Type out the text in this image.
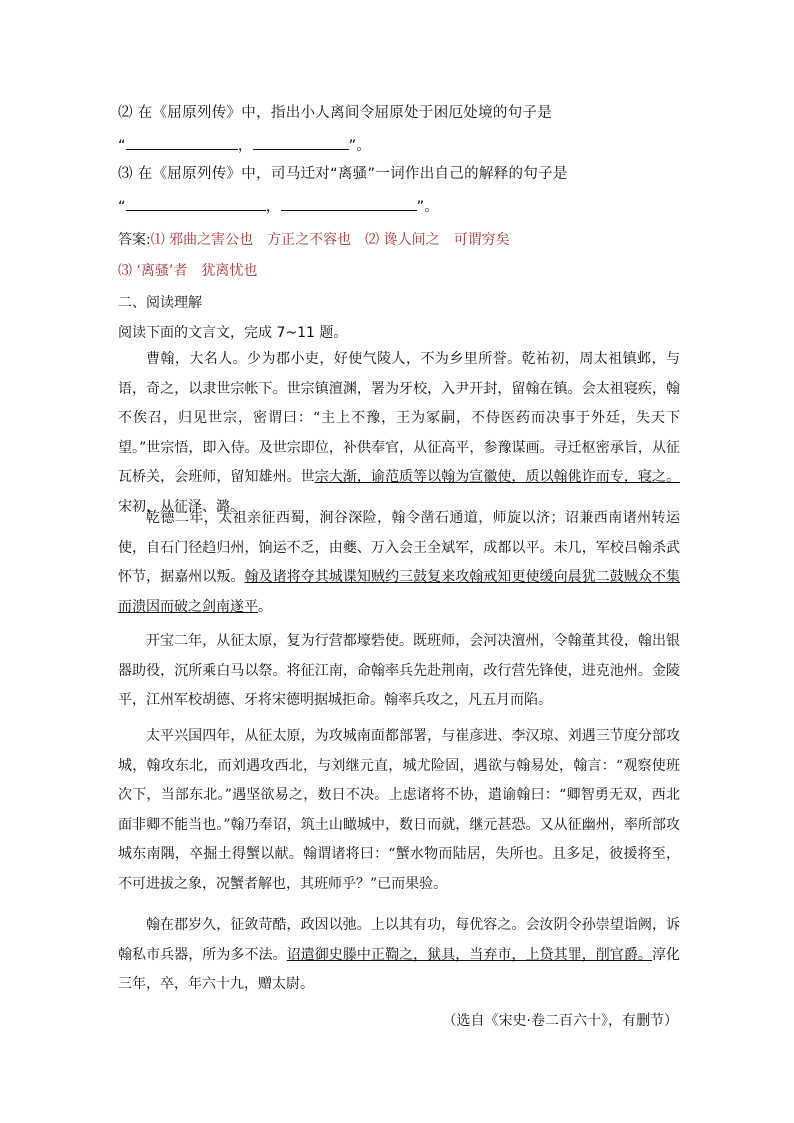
⑵ 在《屈原列传》中，指出小人离间令屈原处于困厄处境的句子是

“	，	”。
⑶ 在《屈原列传》中，司马迁对“离骚”一词作出自己的解释的句子是

“	，	”。
答案:⑴ 邪曲之害公也　方正之不容也　⑵ 谗人间之　可谓穷矣
⑶ ‘离骚’者　犹离忧也
二、阅读理解
阅读下面的文言文，完成 7~11 题。
曹翰，大名人。少为郡小吏，好使气陵人，不为乡里所誉。乾祐初，周太祖镇邺，与语，奇之，以隶世宗帐下。世宗镇澶渊，署为牙校，入尹开封，留翰在镇。会太祖寝疾，翰不俟召，归见世宗，密谓曰：“主上不豫，王为冢嗣，不侍医药而决事于外廷，失天下望。”世宗悟，即入侍。及世宗即位，补供奉官，从征高平，参豫谋画。寻迁枢密承旨，从征瓦桥关，会班师，留知雄州。世宗大渐，谕范质等以翰为宣徽使，质以翰佻诈而专，寝之。宋初，从征泽、潞。
乾德二年，太祖亲征西蜀，涧谷深险，翰令凿石通道，师旋以济；诏兼西南诸州转运使，自石门径趋归州，饷运不乏，由夔、万入会王全斌军，成都以平。未几，军校吕翰杀武怀节，据嘉州以叛。翰及诸将夺其城谍知贼约三鼓复来攻翰戒知更使缓向晨犹二鼓贼众不集而溃因而破之剑南遂平。
开宝二年，从征太原，复为行营都壕砦使。既班师，会河决澶州，令翰董其役，翰出银器助役，沉所乘白马以祭。将征江南，命翰率兵先赴荆南，改行营先锋使，进克池州。金陵平，江州军校胡德、牙将宋德明据城拒命。翰率兵攻之，凡五月而陷。
太平兴国四年，从征太原，为攻城南面都部署，与崔彦进、李汉琼、刘遇三节度分部攻城，翰攻东北，而刘遇攻西北，与刘继元直，城尤险固，遇欲与翰易处，翰言：“观察使班次下，当部东北。”遇坚欲易之，数日不决。上虑诸将不协，遣谕翰曰：“卿智勇无双，西北面非卿不能当也。”翰乃奉诏，筑土山瞰城中，数日而就，继元甚恐。又从征幽州，率所部攻城东南隅，卒掘土得蟹以献。翰谓诸将曰：“蟹水物而陆居，失所也。且多足，彼援将至，不可进拔之象，况蟹者解也，其班师乎？”已而果验。
翰在郡岁久，征敛苛酷，政因以弛。上以其有功，每优容之。会汝阴令孙崇望诣阙，诉翰私市兵器，所为多不法。诏遣御史滕中正鞫之，狱具，当弃市，上贷其罪，削官爵。淳化三年，卒，年六十九，赠太尉。
（选自《宋史·卷二百六十》，有删节）
